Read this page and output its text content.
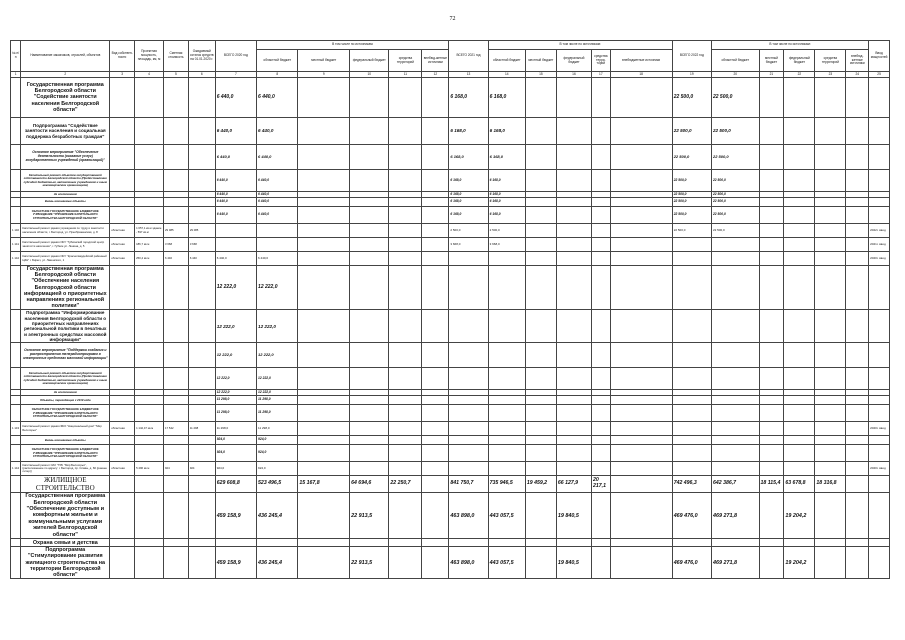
72
№ п/п	Наименование заказчиков, отраслей, объектов	Вид собствен-ности	Проектная мощность, площадь, км, м	Сметная стоимость	Ожидаемый остаток средств на 01.01.2020 г.	ВСЕГО 2020 год	В том числе по источникам:					ВСЕГО 2021 год	В том числе по источникам:					ВСЕГО 2022 год	В том числе по источникам:					Ввод мощностей
							областной бюджет	местный бюджет	федеральный бюджет	средства территорий	внебюд-жетные источники		областной бюджет	местный бюджет	федеральный бюджет	средства терри-торий	внебюджетные источники		областной бюджет	местный бюджет	федеральный бюджет	средства территорий	внебюд-жетные источники	
1	2	3	4	5	6	7	8	9	10	11	12	13	14	15	16	17	18	19	20	21	22	23	24	25
	Государственная программа Белгородской области "Содействие занятости населения Белгородской области"					6 440,0	6 440,0					6 168,0	6 168,0					22 500,0	22 500,0					
	Подпрограмма "Содействие занятости населения и социальная поддержка безработных граждан"					6 440,0	6 440,0					6 168,0	6 168,0					22 500,0	22 500,0					
	Основное мероприятие "Обеспечение деятельности (оказание услуг) государственных учреждений (организаций)"					6 440,0	6 440,0					6 168,0	6 168,0					22 500,0	22 500,0					
	Капитальный ремонт объектов государственной собственности Белгородской области (Предоставление субсидий бюджетным, автономным учреждениям и иным некоммерческим организациям)					6 440,0	6 440,0					6 168,0	6 168,0					22 500,0	22 500,0					
	За исключением					6 440,0	6 440,0					6 168,0	6 168,0					22 500,0	22 500,0					
	Вновь начинаемые объекты					6 440,0	6 440,0					6 168,0	6 168,0					22 500,0	22 500,0					
	ОБЛАСТНОЕ ГОСУДАРСТВЕННОЕ БЮДЖЕТНОЕ УЧРЕЖДЕНИЕ "УПРАВЛЕНИЕ КАПИТАЛЬНОГО СТРОИТЕЛЬСТВА БЕЛГОРОДСКОЙ ОБЛАСТИ"					6 440,0	6 440,0					6 168,0	6 168,0					22 500,0	22 500,0					
1 140	Капитальный ремонт здания учреждения по труду и занятости населения области, г. Белгород, ул. Преображенская, д. 8	областная	1 657,1 кв.м здание - 597 кв.м	29 085	29 085							2 500,0	2 500,0					22 500,0	22 500,0					2022г. ввод
1 141	Капитальный ремонт здания ОКУ "Губкинский городской центр занятости населения", г. Губкин ул. Ленина, д. 5	областная	186,7 кв.м	3 668	3 668							3 668,0	3 668,0											2021г. ввод
1 142	Капитальный ремонт здания ОКУ "Красногвардейский районный ЦЗН" г. Бирюч, ул. Лакенского, 1	областная	250,4 кв.м	6 440	6 440	6 440,0	6 440,0																	2020г. ввод
	Государственная программа Белгородской области "Обеспечение населения Белгородской области информацией о приоритетных направлениях региональной политики"					12 222,0	12 222,0																	
	Подпрограмма "Информирование населения Белгородской области о приоритетных направлениях региональной политики в печатных и электронных средствах массовой информации"					12 222,0	12 222,0																	
	Основное мероприятие "Поддержка создания и распространения телерадиопрограмм в электронных средствах массовой информации"					12 222,0	12 222,0																	
	Капитальный ремонт объектов государственной собственности Белгородской области (Предоставление субсидий бюджетным, автономным учреждениям и иным некоммерческим организациям)					12 222,0	12 222,0																	
	За исключением					12 222,0	12 222,0																	
	Объекты, переходящие с 2019 года					11 298,0	11 298,0																	
	ОБЛАСТНОЕ ГОСУДАРСТВЕННОЕ БЮДЖЕТНОЕ УЧРЕЖДЕНИЕ "УПРАВЛЕНИЕ КАПИТАЛЬНОГО СТРОИТЕЛЬСТВА БЕЛГОРОДСКОЙ ОБЛАСТИ"					11 298,0	11 298,0																	
1 143	Капитальный ремонт здания ФКО "Национальный дом" "Мир Белогорья"	областная	1 142,47 кв.м	17 542	11 298	11 298,0	11 298,0																	2020г. ввод
	Вновь начинаемые объекты					924,0	924,0																	
	ОБЛАСТНОЕ ГОСУДАРСТВЕННОЕ БЮДЖЕТНОЕ УЧРЕЖДЕНИЕ "УПРАВЛЕНИЕ КАПИТАЛЬНОГО СТРОИТЕЛЬСТВА БЕЛГОРОДСКОЙ ОБЛАСТИ"					924,0	924,0																	
1 144	Капитальный ремонт ОАУ "ТРК "Мир Белогорья", (расположенное по адресу: г. Белгород, пр. Славы, д. 60 (раннее литер))	областная	5 496 кв.м	924	924	924,0	924,0																	2020г. ввод
	ЖИЛИЩНОЕ СТРОИТЕЛЬСТВО					629 608,8	523 496,5	15 167,8	64 694,6	22 250,7		841 750,7	735 946,5	19 459,2	66 127,9	20 217,1		742 496,3	642 386,7	18 115,4	63 678,8	18 316,8		
	Государственная программа Белгородской области "Обеспечение доступным и комфортным жильем и коммунальными услугами жителей Белгородской области"					459 158,9	436 245,4		22 913,5			463 898,0	443 057,5		19 840,5			469 476,0	469 271,8		19 204,2			
	Охрана семьи и детства																							
	Подпрограмма "Стимулирование развития жилищного строительства на территории Белгородской области"					459 158,9	436 245,4		22 913,5			463 898,0	443 057,5		19 840,5			469 476,0	469 271,8		19 204,2			
